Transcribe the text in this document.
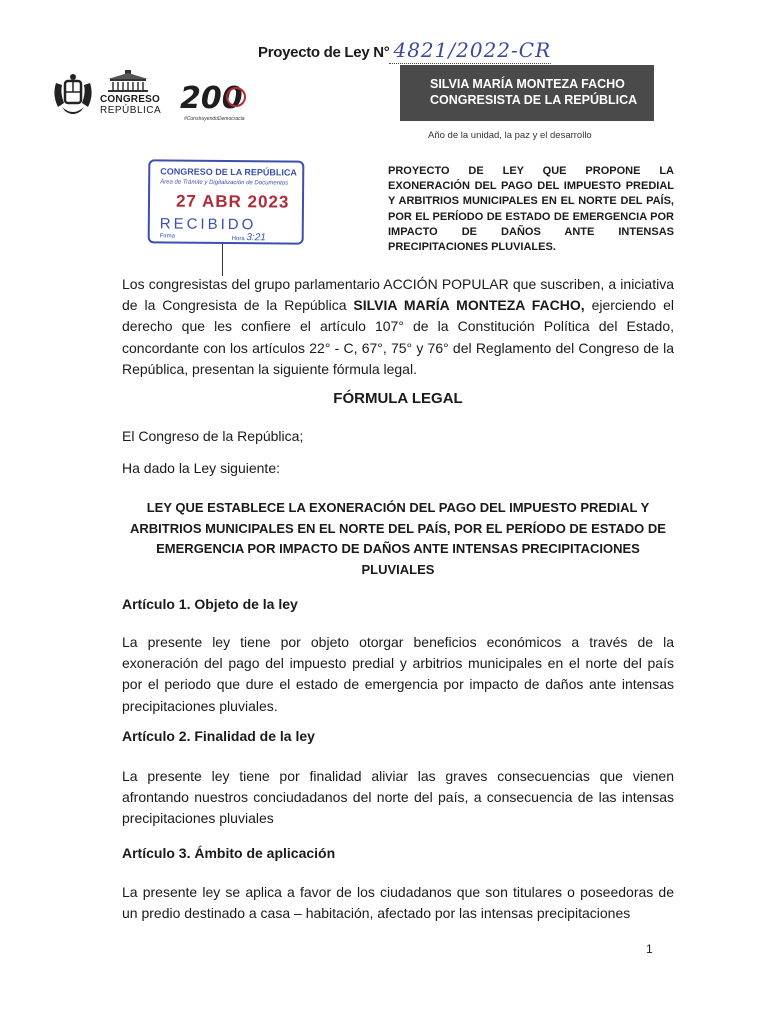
Proyecto de Ley N° 4821/2022-CR
CONGRESO
REPÚBLICA 200
#ConstruyendoDemocracia
SILVIA MARÍA MONTEZA FACHO
CONGRESISTA DE LA REPÚBLICA
Año de la unidad, la paz y el desarrollo
CONGRESO DE LA REPÚBLICA
Área de Trámite y Digitalización de Documentos
27 ABR 2023
RECIBIDO
Firma	Hora 3:21
PROYECTO DE LEY QUE PROPONE LA EXONERACIÓN DEL PAGO DEL IMPUESTO PREDIAL Y ARBITRIOS MUNICIPALES EN EL NORTE DEL PAÍS, POR EL PERÍODO DE ESTADO DE EMERGENCIA POR IMPACTO DE DAÑOS ANTE INTENSAS PRECIPITACIONES PLUVIALES.
Los congresistas del grupo parlamentario ACCIÓN POPULAR que suscriben, a iniciativa de la Congresista de la República SILVIA MARÍA MONTEZA FACHO, ejerciendo el derecho que les confiere el artículo 107° de la Constitución Política del Estado, concordante con los artículos 22° - C, 67°, 75° y 76° del Reglamento del Congreso de la República, presentan la siguiente fórmula legal.
FÓRMULA LEGAL
El Congreso de la República;
Ha dado la Ley siguiente:
LEY QUE ESTABLECE LA EXONERACIÓN DEL PAGO DEL IMPUESTO PREDIAL Y ARBITRIOS MUNICIPALES EN EL NORTE DEL PAÍS, POR EL PERÍODO DE ESTADO DE EMERGENCIA POR IMPACTO DE DAÑOS ANTE INTENSAS PRECIPITACIONES PLUVIALES
Artículo 1. Objeto de la ley
La presente ley tiene por objeto otorgar beneficios económicos a través de la exoneración del pago del impuesto predial y arbitrios municipales en el norte del país por el periodo que dure el estado de emergencia por impacto de daños ante intensas precipitaciones pluviales.
Artículo 2. Finalidad de la ley
La presente ley tiene por finalidad aliviar las graves consecuencias que vienen afrontando nuestros conciudadanos del norte del país, a consecuencia de las intensas precipitaciones pluviales
Artículo 3. Ámbito de aplicación
La presente ley se aplica a favor de los ciudadanos que son titulares o poseedoras de un predio destinado a casa – habitación, afectado por las intensas precipitaciones
1
